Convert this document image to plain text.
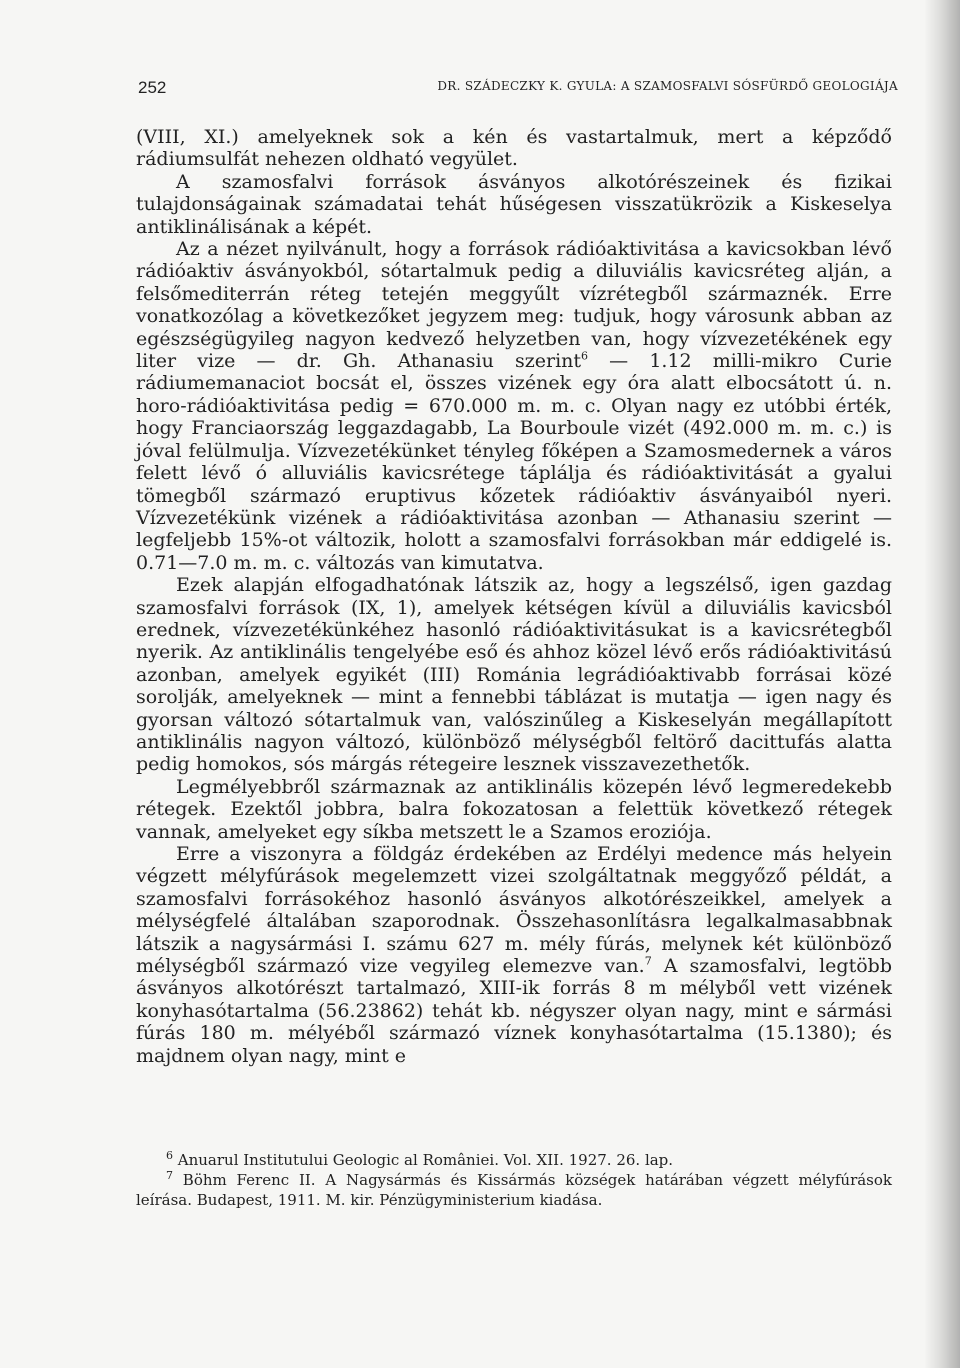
252	DR. SZÁDECZKY K. GYULA: A SZAMOSFALVI SÓSFÜRDŐ GEOLOGIÁJA

(VIII, XI.) amelyeknek sok a kén és vastartalmuk, mert a képződő rádiumsulfát nehezen oldható vegyület.

A szamosfalvi források ásványos alkotórészeinek és fizikai tulajdonságainak számadatai tehát hűségesen visszatükrözik a Kiskeselya antiklinálisának a képét.

Az a nézet nyilvánult, hogy a források rádióaktivitása a kavicsokban lévő rádióaktiv ásványokból, sótartalmuk pedig a diluviális kavicsréteg alján, a felsőmediterrán réteg tetején meggyűlt vízrétegből származnék. Erre vonatkozólag a következőket jegyzem meg: tudjuk, hogy városunk abban az egészségügyileg nagyon kedvező helyzetben van, hogy vízvezetékének egy liter vize — dr. Gh. Athanasiu szerint$^6$ — 1.12 milli-mikro Curie rádiumemanaciot bocsát el, összes vizének egy óra alatt elbocsátott ú. n. horo-rádióaktivitása pedig = 670.000 m. m. c. Olyan nagy ez utóbbi érték, hogy Franciaország leggazdagabb, La Bourboule vizét (492.000 m. m. c.) is jóval felülmulja. Vízvezetékünket tényleg főképen a Szamosmedernek a város felett lévő ó alluviális kavicsrétege táplálja és rádióaktivitását a gyalui tömegből származó eruptivus kőzetek rádióaktiv ásványaiból nyeri. Vízvezetékünk vizének a rádióaktivitása azonban — Athanasiu szerint — legfeljebb 15%-ot változik, holott a szamosfalvi forrásokban már eddigelé is. 0.71—7.0 m. m. c. változás van kimutatva.

Ezek alapján elfogadhatónak látszik az, hogy a legszélső, igen gazdag szamosfalvi források (IX, 1), amelyek kétségen kívül a diluviális kavicsból erednek, vízvezetékünkéhez hasonló rádióaktivitásukat is a kavicsrétegből nyerik. Az antiklinális tengelyébe eső és ahhoz közel lévő erős rádióaktivitású azonban, amelyek egyikét (III) Románia legrádióaktivabb forrásai közé sorolják, amelyeknek — mint a fennebbi táblázat is mutatja — igen nagy és gyorsan változó sótartalmuk van, valószinűleg a Kiskeselyán megállapított antiklinális nagyon változó, különböző mélységből feltörő dacittufás alatta pedig homokos, sós márgás rétegeire lesznek visszavezethetők.

Legmélyebbről származnak az antiklinális közepén lévő legmeredekebb rétegek. Ezektől jobbra, balra fokozatosan a felettük következő rétegek vannak, amelyeket egy síkba metszett le a Szamos eroziója.

Erre a viszonyra a földgáz érdekében az Erdélyi medence más helyein végzett mélyfúrások megelemzett vizei szolgáltatnak meggyőző példát, a szamosfalvi forrásokéhoz hasonló ásványos alkotórészeikkel, amelyek a mélységfelé általában szaporodnak. Összehasonlításra legalkalmasabbnak látszik a nagysármási I. számu 627 m. mély fúrás, melynek két különböző mélységből származó vize vegyileg elemezve van.$^7$ A szamosfalvi, legtöbb ásványos alkotórészt tartalmazó, XIII-ik forrás 8 m mélyből vett vizének konyhasótartalma (56.23862) tehát kb. négyszer olyan nagy, mint e sármási fúrás 180 m. mélyéből származó víznek konyhasótartalma (15.1380); és majdnem olyan nagy, mint e

$^6$ Anuarul Institutului Geologic al României. Vol. XII. 1927. 26. lap.

$^7$ Böhm Ferenc II. A Nagysármás és Kissármás községek határában végzett mélyfúrások leírása. Budapest, 1911. M. kir. Pénzügyministerium kiadása.
